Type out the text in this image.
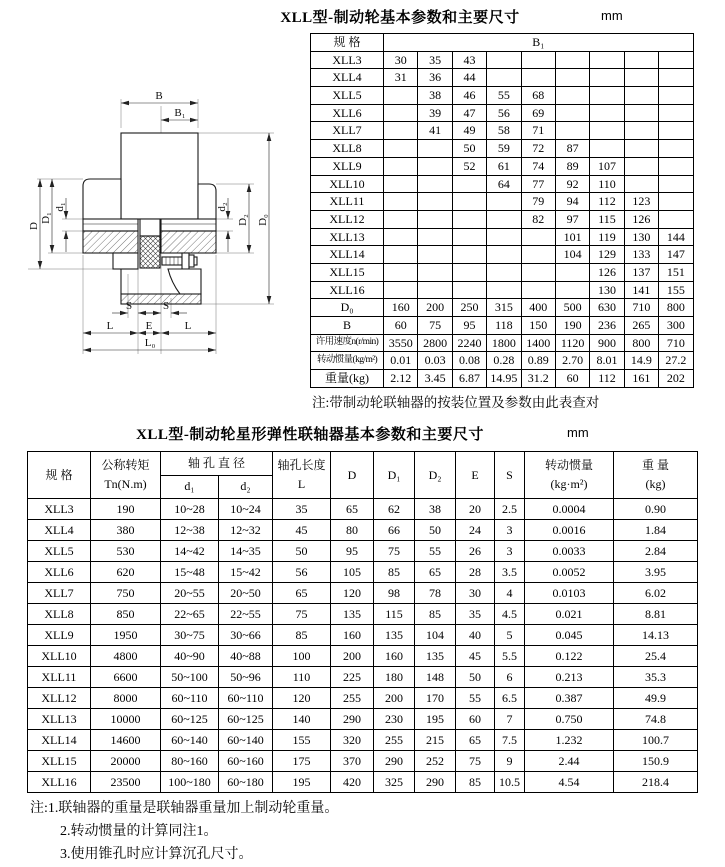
XLL型-制动轮基本参数和主要尺寸	mm
B
B₁
D
D₁
d₁	d₂
D₂ D₀
S	S
L	E	L
L₀
规 格	B₁								
XLL3	30	35	43						
XLL4	31	36	44						
XLL5		38	46	55	68				
XLL6		39	47	56	69				
XLL7		41	49	58	71				
XLL8			50	59	72	87			
XLL9			52	61	74	89	107		
XLL10				64	77	92	110		
XLL11					79	94	112	123	
XLL12					82	97	115	126	
XLL13						101	119	130	144
XLL14						104	129	133	147
XLL15							126	137	151
XLL16							130	141	155
D₀	160	200	250	315	400	500	630	710	800
B	60	75	95	118	150	190	236	265	300
许用速度n(r/min)	3550	2800	2240	1800	1400	1120	900	800	710
转动惯量(kg/m²)	0.01	0.03	0.08	0.28	0.89	2.70	8.01	14.9	27.2
重量(kg)	2.12	3.45	6.87	14.95	31.2	60	112	161	202
注:带制动轮联轴器的按装位置及参数由此表查对
XLL型-制动轮星形弹性联轴器基本参数和主要尺寸	mm
规 格	
公称转矩
Tn(N.m)
	轴 孔 直 径	轴孔长度
L
	D	D₁	D₂	E	S	
转动惯量
(kg·m²)

重 量
(kg)

		d₁	d₂								
XLL3	190	10~28	10~24	35	65	62	38	20	2.5	0.0004	0.90
XLL4	380	12~38	12~32	45	80	66	50	24	3	0.0016	1.84
XLL5	530	14~42	14~35	50	95	75	55	26	3	0.0033	2.84
XLL6	620	15~48	15~42	56	105	85	65	28	3.5	0.0052	3.95
XLL7	750	20~55	20~50	65	120	98	78	30	4	0.0103	6.02
XLL8	850	22~65	22~55	75	135	115	85	35	4.5	0.021	8.81
XLL9	1950	30~75	30~66	85	160	135	104	40	5	0.045	14.13
XLL10	4800	40~90	40~88	100	200	160	135	45	5.5	0.122	25.4
XLL11	6600	50~100	50~96	110	225	180	148	50	6	0.213	35.3
XLL12	8000	60~110	60~110	120	255	200	170	55	6.5	0.387	49.9
XLL13	10000	60~125	60~125	140	290	230	195	60	7	0.750	74.8
XLL14	14600	60~140	60~140	155	320	255	215	65	7.5	1.232	100.7
XLL15	20000	80~160	60~160	175	370	290	252	75	9	2.44	150.9
XLL16	23500	100~180	60~180	195	420	325	290	85	10.5	4.54	218.4
注:1.联轴器的重量是联轴器重量加上制动轮重量。
2.转动惯量的计算同注1。
3.使用锥孔时应计算沉孔尺寸。
